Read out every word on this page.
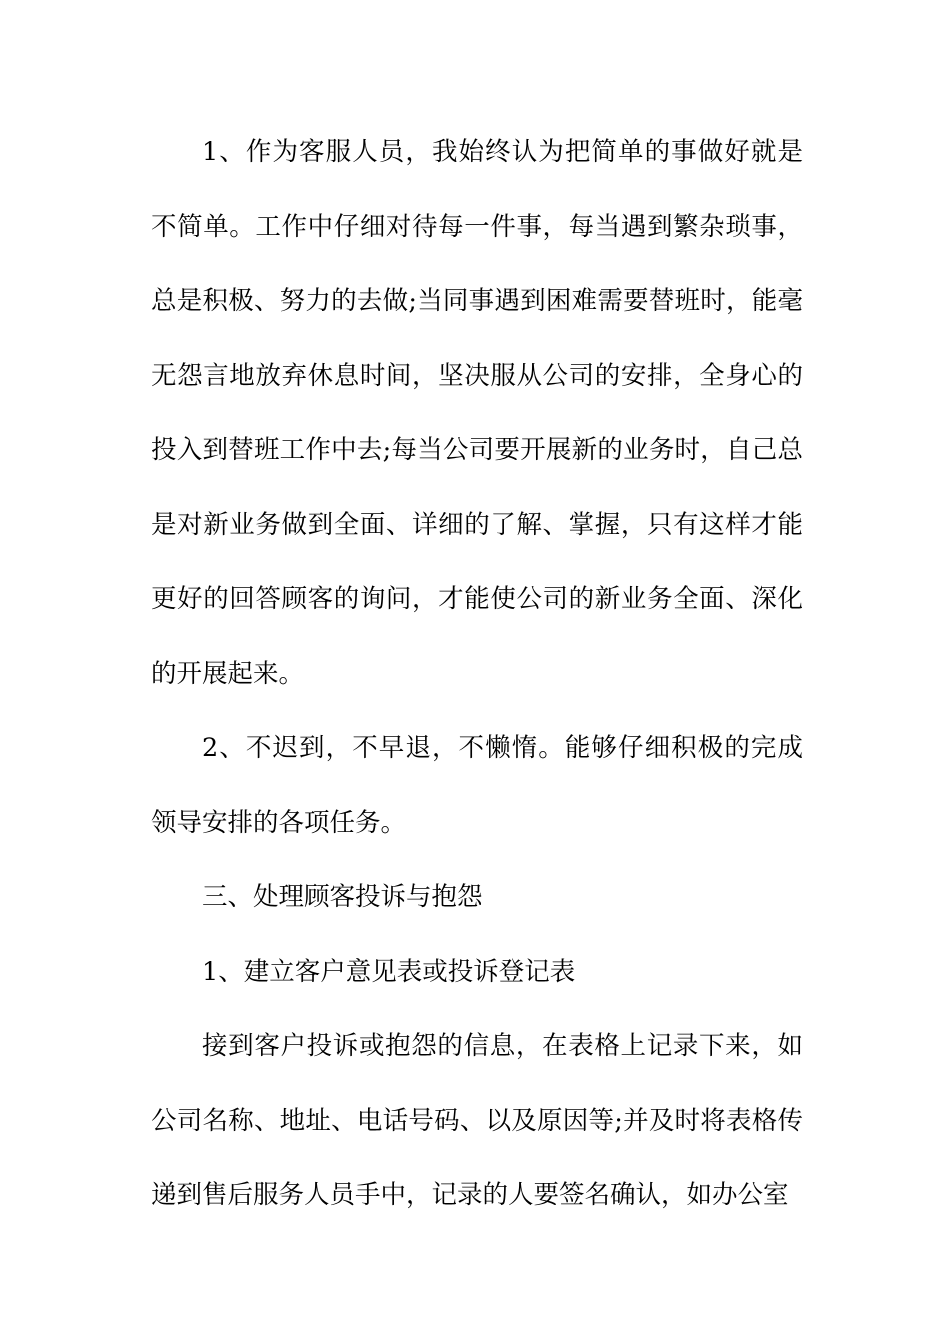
1、作为客服人员，我始终认为把简单的事做好就是不简单。工作中仔细对待每一件事，每当遇到繁杂琐事，总是积极、努力的去做;当同事遇到困难需要替班时，能毫无怨言地放弃休息时间，坚决服从公司的安排，全身心的投入到替班工作中去;每当公司要开展新的业务时，自己总是对新业务做到全面、详细的了解、掌握，只有这样才能更好的回答顾客的询问，才能使公司的新业务全面、深化的开展起来。

2、不迟到，不早退，不懒惰。能够仔细积极的完成领导安排的各项任务。

三、处理顾客投诉与抱怨

1、建立客户意见表或投诉登记表

接到客户投诉或抱怨的信息，在表格上记录下来，如公司名称、地址、电话号码、以及原因等;并及时将表格传递到售后服务人员手中，记录的人要签名确认，如办公室
